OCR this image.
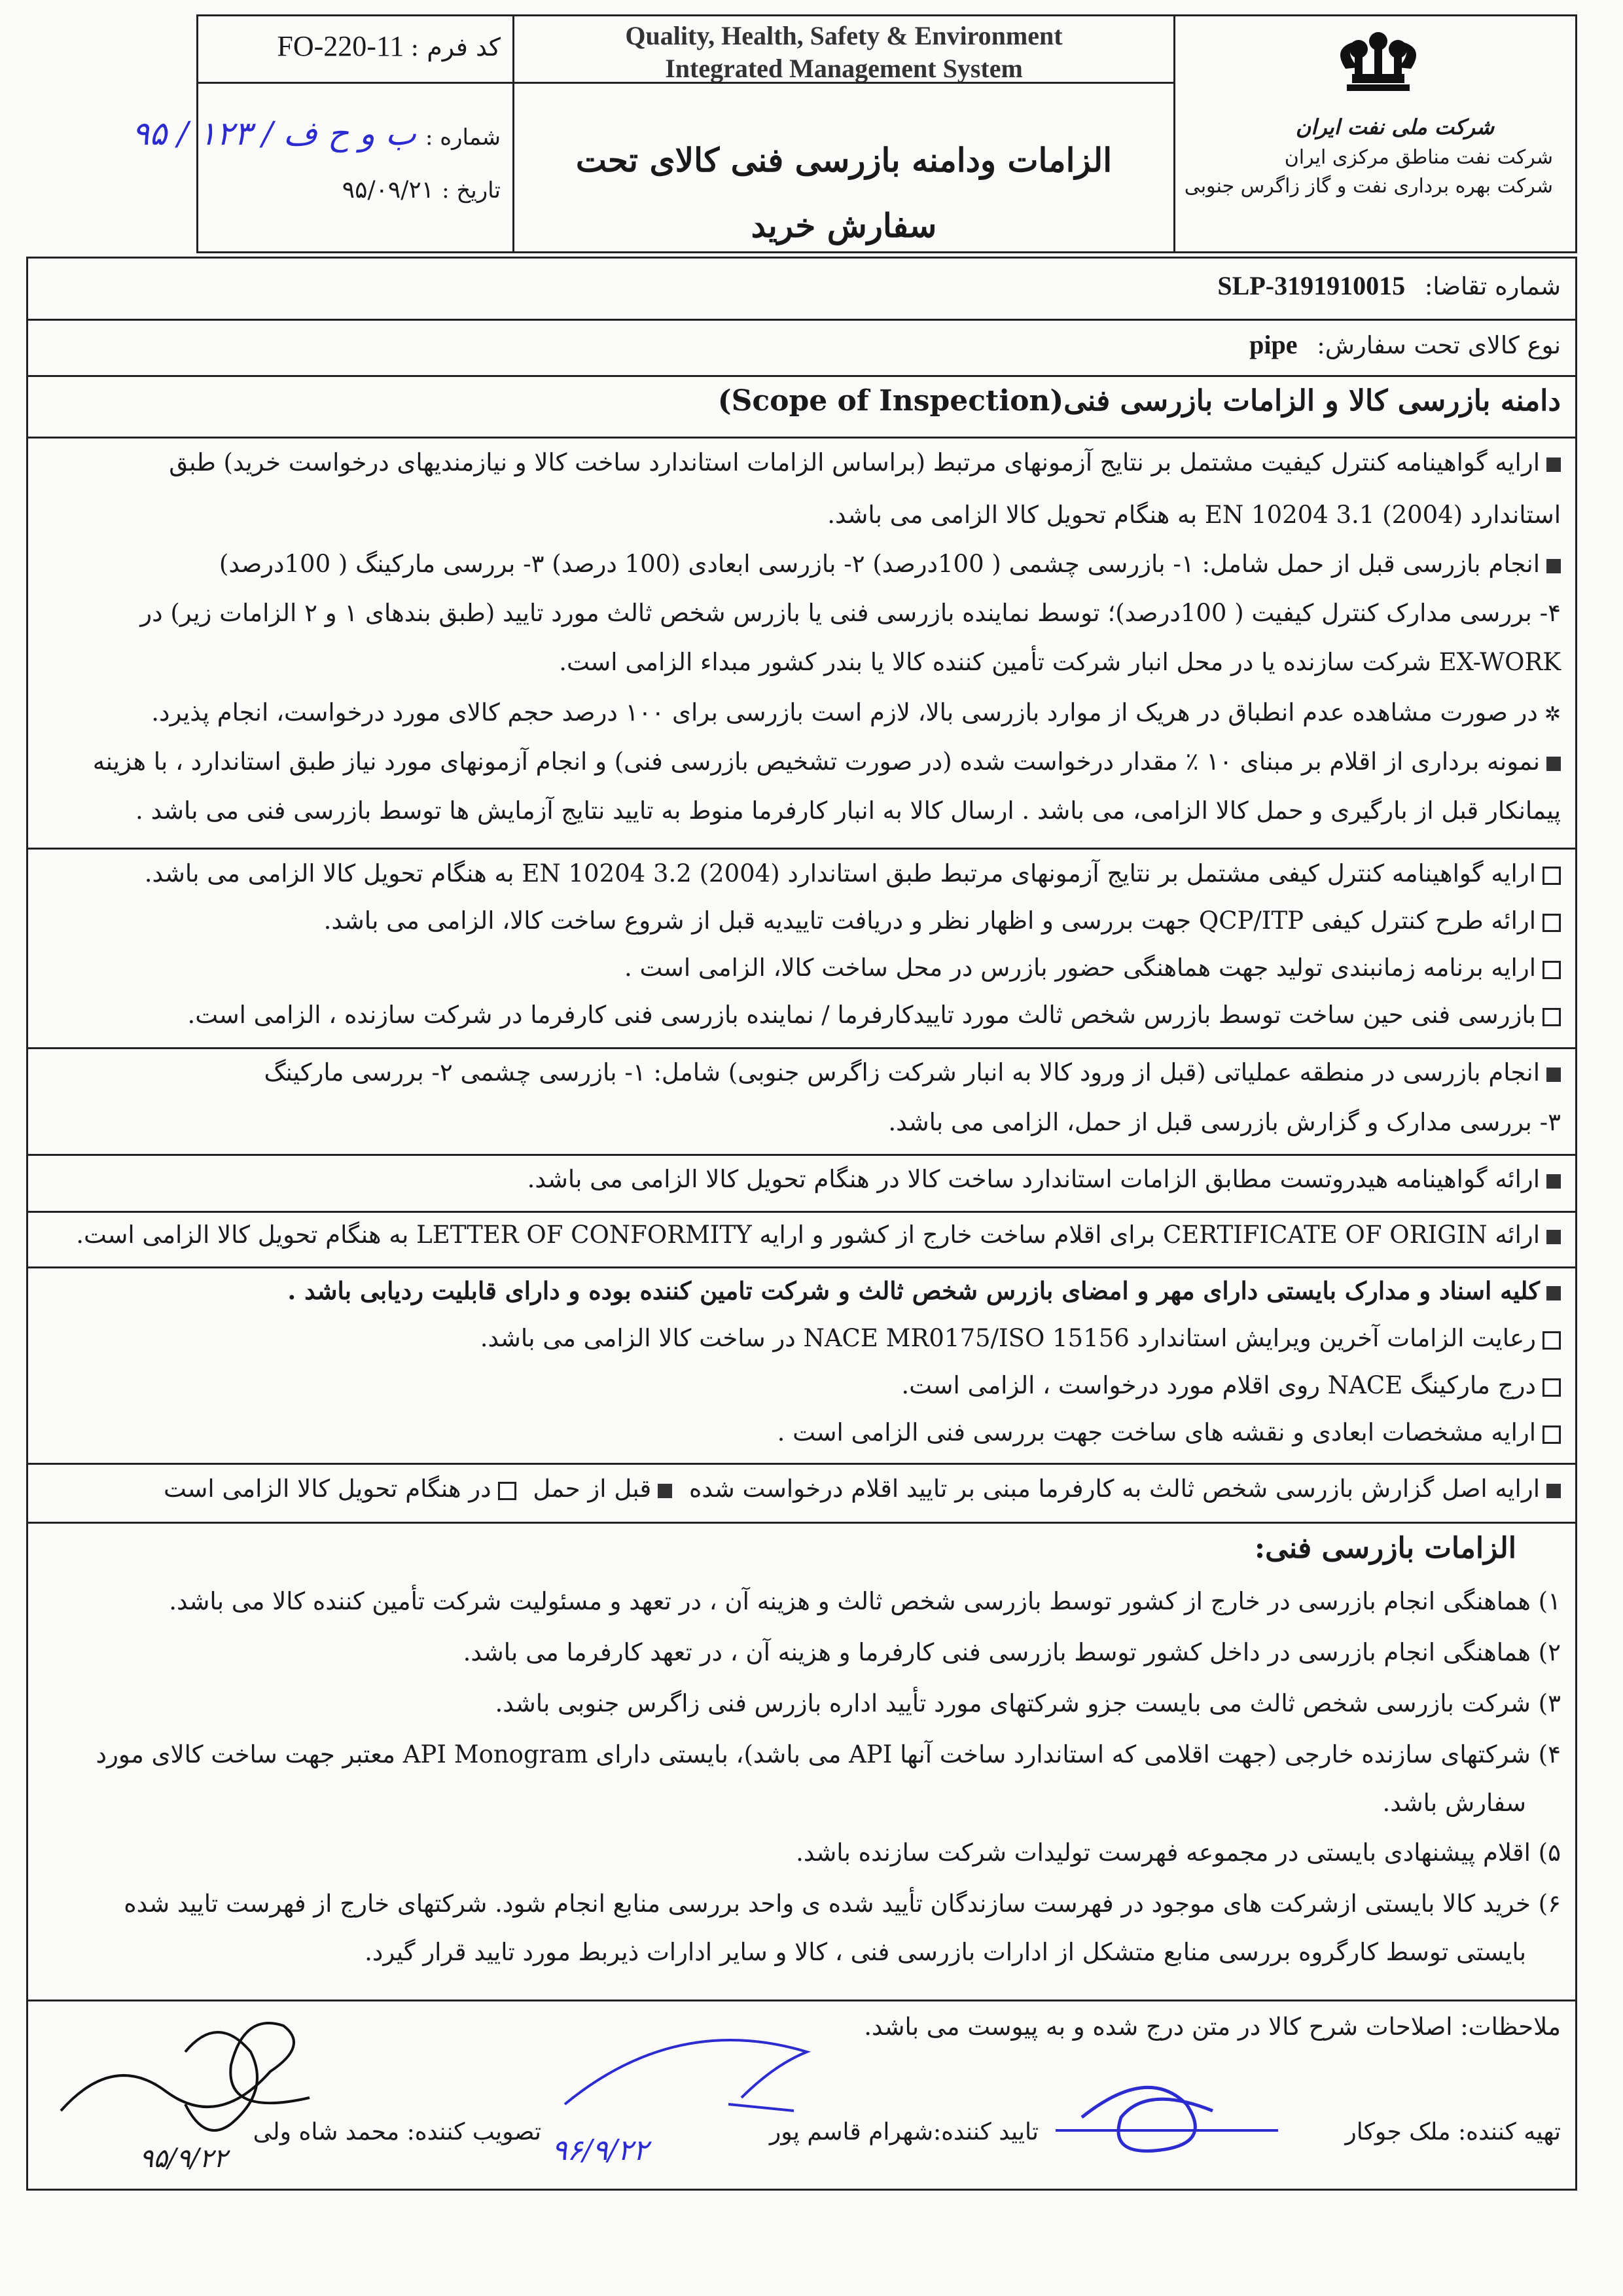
کد فرم :FO-220-11
شماره :ب و ح ف / ۱۲۳ / ۹۵
تاریخ :۹۵/۰۹/۲۱
Quality, Health, Safety & Environment
Integrated Management System
الزامات ودامنه بازرسی فنی کالای تحت
سفارش خرید
شرکت ملی نفت ایران
شرکت نفت مناطق مرکزی ایران
شرکت بهره برداری نفت و گاز زاگرس جنوبی
شماره تقاضا: SLP-3191910015
نوع کالای تحت سفارش: pipe
دامنه بازرسی کالا و الزامات بازرسی فنی(Scope of Inspection)
ارایه گواهینامه کنترل کیفیت مشتمل بر نتایج آزمونهای مرتبط (براساس الزامات استاندارد ساخت کالا و نیازمندیهای درخواست خرید) طبق
استاندارد (2004) EN 10204 3.1 به هنگام تحویل کالا الزامی می باشد.
انجام بازرسی قبل از حمل شامل: ۱- بازرسی چشمی ( 100درصد) ۲- بازرسی ابعادی (100 درصد) ۳- بررسی مارکینگ ( 100درصد)
۴- بررسی مدارک کنترل کیفیت ( 100درصد)؛ توسط نماینده بازرسی فنی یا بازرس شخص ثالث مورد تایید (طبق بندهای ۱ و ۲ الزامات زیر) در
EX-WORK شرکت سازنده یا در محل انبار شرکت تأمین کننده کالا یا بندر کشور مبداء الزامی است.
✲در صورت مشاهده عدم انطباق در هریک از موارد بازرسی بالا، لازم است بازرسی برای ۱۰۰ درصد حجم کالای مورد درخواست، انجام پذیرد.
نمونه برداری از اقلام بر مبنای ۱۰ ٪ مقدار درخواست شده (در صورت تشخیص بازرسی فنی) و انجام آزمونهای مورد نیاز طبق استاندارد ، با هزینه
پیمانکار قبل از بارگیری و حمل کالا الزامی، می باشد . ارسال کالا به انبار کارفرما منوط به تایید نتایج آزمایش ها توسط بازرسی فنی می باشد .
ارایه گواهینامه کنترل کیفی مشتمل بر نتایج آزمونهای مرتبط طبق استاندارد (2004) EN 10204 3.2 به هنگام تحویل کالا الزامی می باشد.
ارائه طرح کنترل کیفی QCP/ITP جهت بررسی و اظهار نظر و دریافت تاییدیه قبل از شروع ساخت کالا، الزامی می باشد.
ارایه برنامه زمانبندی تولید جهت هماهنگی حضور بازرس در محل ساخت کالا، الزامی است .
بازرسی فنی حین ساخت توسط بازرس شخص ثالث مورد تاییدکارفرما / نماینده بازرسی فنی کارفرما در شرکت سازنده ، الزامی است.
انجام بازرسی در منطقه عملیاتی (قبل از ورود کالا به انبار شرکت زاگرس جنوبی) شامل: ۱- بازرسی چشمی ۲- بررسی مارکینگ
۳- بررسی مدارک و گزارش بازرسی قبل از حمل، الزامی می باشد.
ارائه گواهینامه هیدروتست مطابق الزامات استاندارد ساخت کالا در هنگام تحویل کالا الزامی می باشد.
ارائه CERTIFICATE OF ORIGIN برای اقلام ساخت خارج از کشور و ارایه LETTER OF CONFORMITY به هنگام تحویل کالا الزامی است.
کلیه اسناد و مدارک بایستی دارای مهر و امضای بازرس شخص ثالث و شرکت تامین کننده بوده و دارای قابلیت ردیابی باشد .
رعایت الزامات آخرین ویرایش استاندارد NACE MR0175/ISO 15156 در ساخت کالا الزامی می باشد.
درج مارکینگ NACE روی اقلام مورد درخواست ، الزامی است.
ارایه مشخصات ابعادی و نقشه های ساخت جهت بررسی فنی الزامی است .
ارایه اصل گزارش بازرسی شخص ثالث به کارفرما مبنی بر تایید اقلام درخواست شده قبل از حمل در هنگام تحویل کالا الزامی است
الزامات بازرسی فنی:
۱) هماهنگی انجام بازرسی در خارج از کشور توسط بازرسی شخص ثالث و هزینه آن ، در تعهد و مسئولیت شرکت تأمین کننده کالا می باشد.
۲) هماهنگی انجام بازرسی در داخل کشور توسط بازرسی فنی کارفرما و هزینه آن ، در تعهد کارفرما می باشد.
۳) شرکت بازرسی شخص ثالث می بایست جزو شرکتهای مورد تأیید اداره بازرس فنی زاگرس جنوبی باشد.
۴) شرکتهای سازنده خارجی (جهت اقلامی که استاندارد ساخت آنها API می باشد)، بایستی دارای API Monogram معتبر جهت ساخت کالای مورد
سفارش باشد.
۵) اقلام پیشنهادی بایستی در مجموعه فهرست تولیدات شرکت سازنده باشد.
۶) خرید کالا بایستی ازشرکت های موجود در فهرست سازندگان تأیید شده ی واحد بررسی منابع انجام شود. شرکتهای خارج از فهرست تایید شده
بایستی توسط کارگروه بررسی منابع متشکل از ادارات بازرسی فنی ، کالا و سایر ادارات ذیربط مورد تایید قرار گیرد.
ملاحظات: اصلاحات شرح کالا در متن درج شده و به پیوست می باشد.
تهیه کننده: ملک جوکار
تایید کننده:شهرام قاسم پور
تصویب کننده: محمد شاه ولی
۹۶/۹/۲۲
۹۵/۹/۲۲
